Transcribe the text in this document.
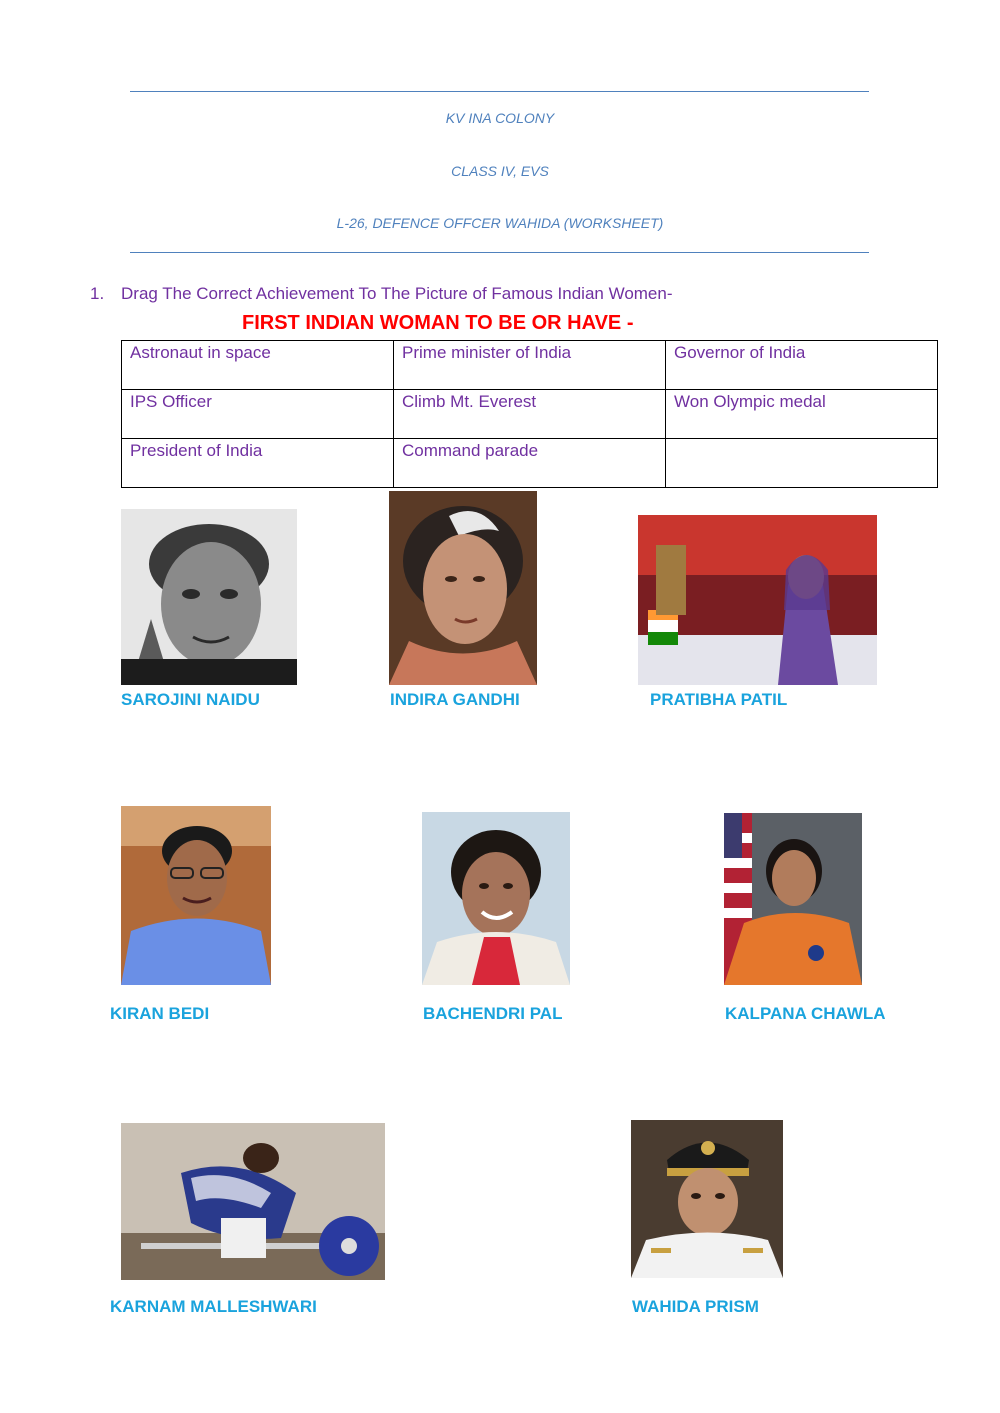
KV INA COLONY
CLASS IV, EVS
L-26, DEFENCE OFFCER WAHIDA (WORKSHEET)
1. Drag The Correct Achievement To The Picture of Famous Indian Women-
FIRST INDIAN WOMAN TO BE OR HAVE -
Astronaut in space	Prime minister of India	Governor of India
IPS Officer	Climb Mt. Everest	Won Olympic medal
President of India	Command parade	
SAROJINI NAIDU	INDIRA GANDHI	PRATIBHA PATIL
KIRAN BEDI	BACHENDRI PAL	KALPANA CHAWLA
KARNAM MALLESHWARI	WAHIDA PRISM
